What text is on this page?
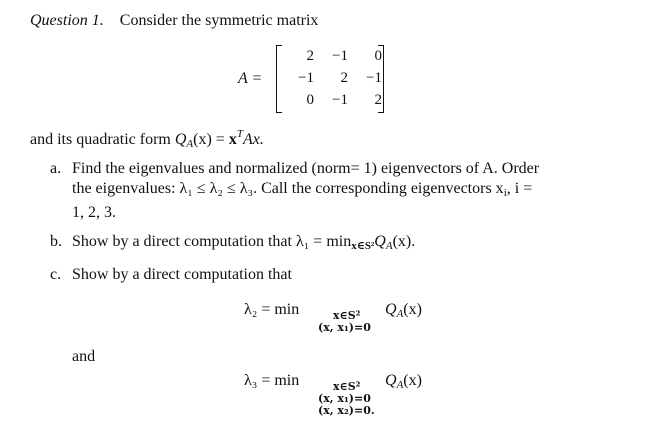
Question 1. Consider the symmetric matrix
A =
2	−1	0
−1	2	−1
0	−1	2
and its quadratic form $Q_A(x) = x^TAx$.
a. Find the eigenvalues and normalized (norm= 1) eigenvectors of A. Order
the eigenvalues: λ₁ ≤ λ₂ ≤ λ₃. Call the corresponding eigenvectors $x_i$, i =
1, 2, 3.
b. Show by a direct computation that $\lambda_1 = \min_{x\in S^2}Q_A(x)$.
c. Show by a direct computation that
λ₂ = min	x∈S²
(x, x₁)=0
$Q_A(x)$
and
λ₃ = min	x∈S²
(x, x₁)=0
(x, x₂)=0.
$Q_A(x)$
